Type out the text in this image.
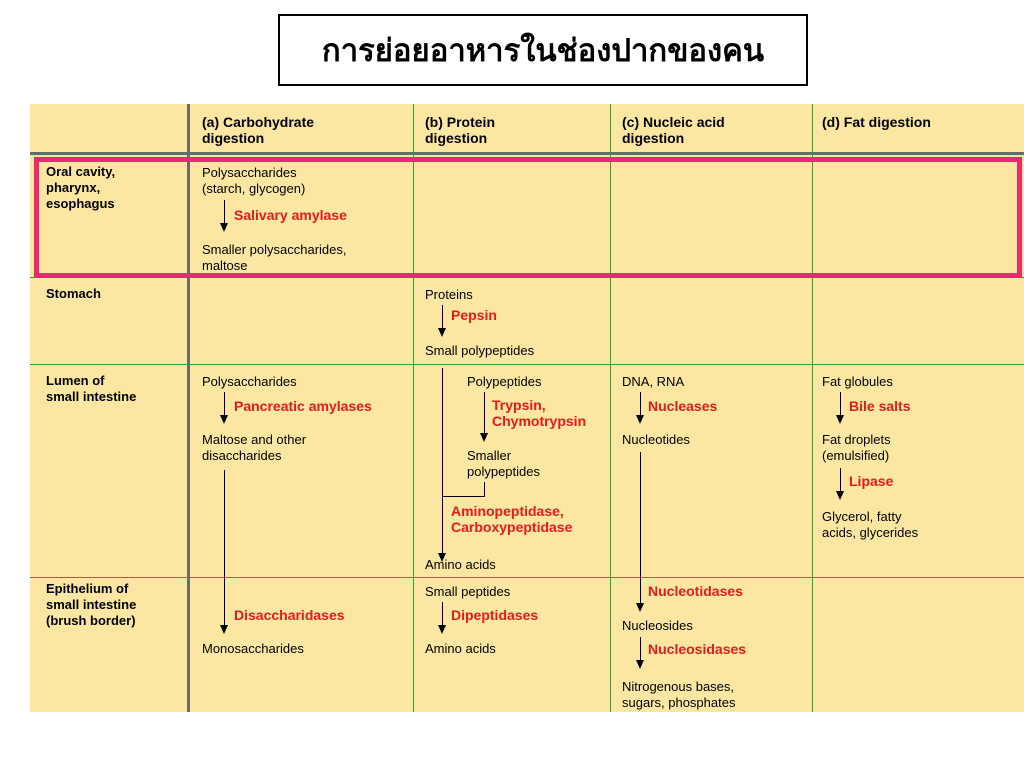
การย่อยอาหารในช่องปากของคน
(a) Carbohydrate
digestion
(b) Protein
digestion
(c) Nucleic acid
digestion
(d) Fat digestion
Oral cavity,
pharynx,
esophagus
Stomach
Lumen of
small intestine
Epithelium of
small intestine
(brush border)
Polysaccharides
(starch, glycogen)
Salivary amylase
Smaller polysaccharides,
maltose
Polysaccharides
Pancreatic amylases
Maltose and other
disaccharides
Disaccharidases
Monosaccharides
Proteins
Pepsin
Small polypeptides
Polypeptides
Trypsin,
Chymotrypsin
Smaller
polypeptides
Aminopeptidase,
Carboxypeptidase
Amino acids
Small peptides
Dipeptidases
Amino acids
DNA, RNA
Nucleases
Nucleotides
Nucleotidases
Nucleosides
Nucleosidases
Nitrogenous bases,
sugars, phosphates
Fat globules
Bile salts
Fat droplets
(emulsified)
Lipase
Glycerol, fatty
acids, glycerides
